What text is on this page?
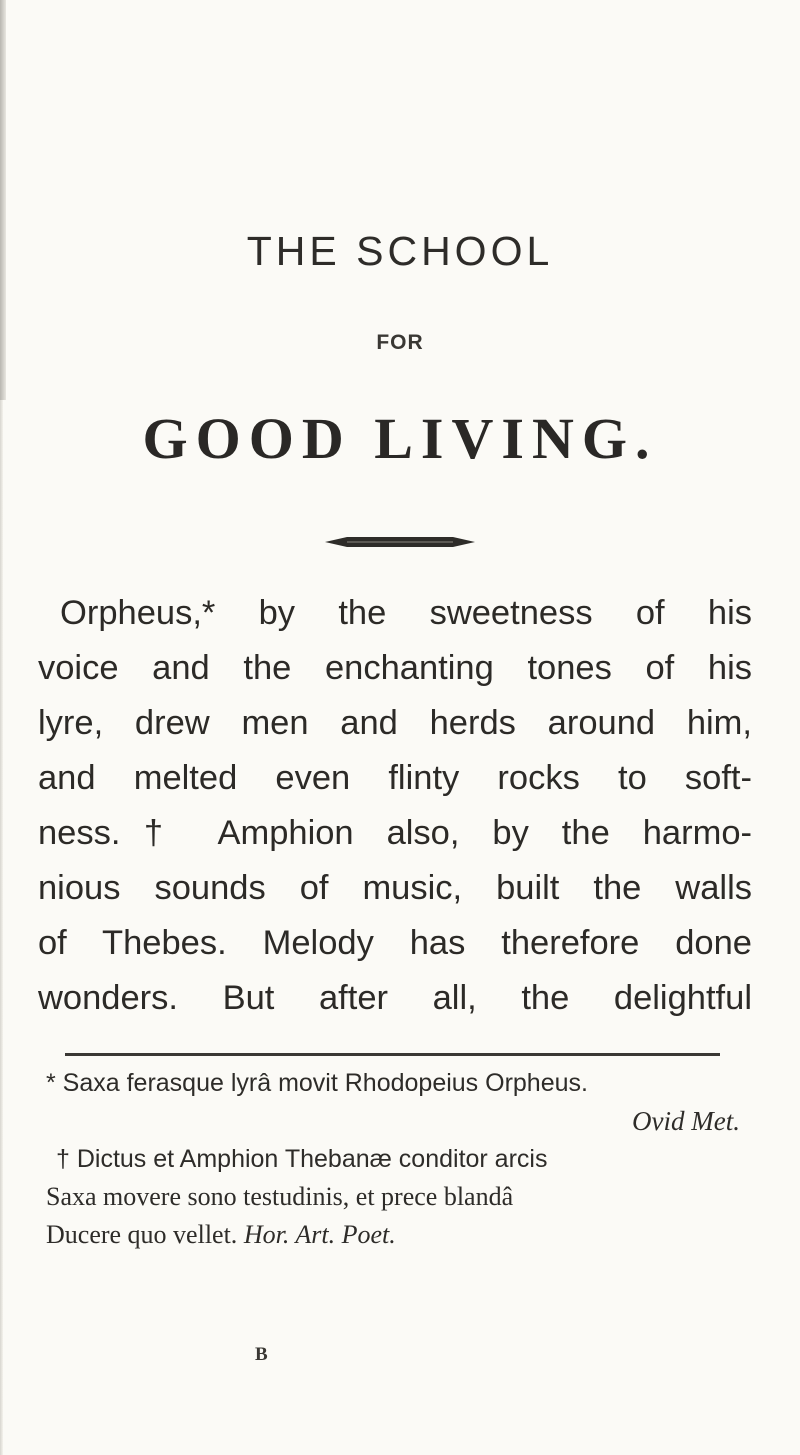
THE SCHOOL
FOR
GOOD LIVING.
Orpheus,* by the sweetness of his
voice and the enchanting tones of his
lyre, drew men and herds around him,
and melted even flinty rocks to soft-
ness.† Amphion also, by the harmo-
nious sounds of music, built the walls
of Thebes. Melody has therefore done
wonders. But after all, the delightful
* Saxa ferasque lyrâ movit Rhodopeius Orpheus.
Ovid Met.
† Dictus et Amphion Thebanæ conditor arcis
Saxa movere sono testudinis, et prece blandâ
Ducere quo vellet. Hor. Art. Poet.
B
